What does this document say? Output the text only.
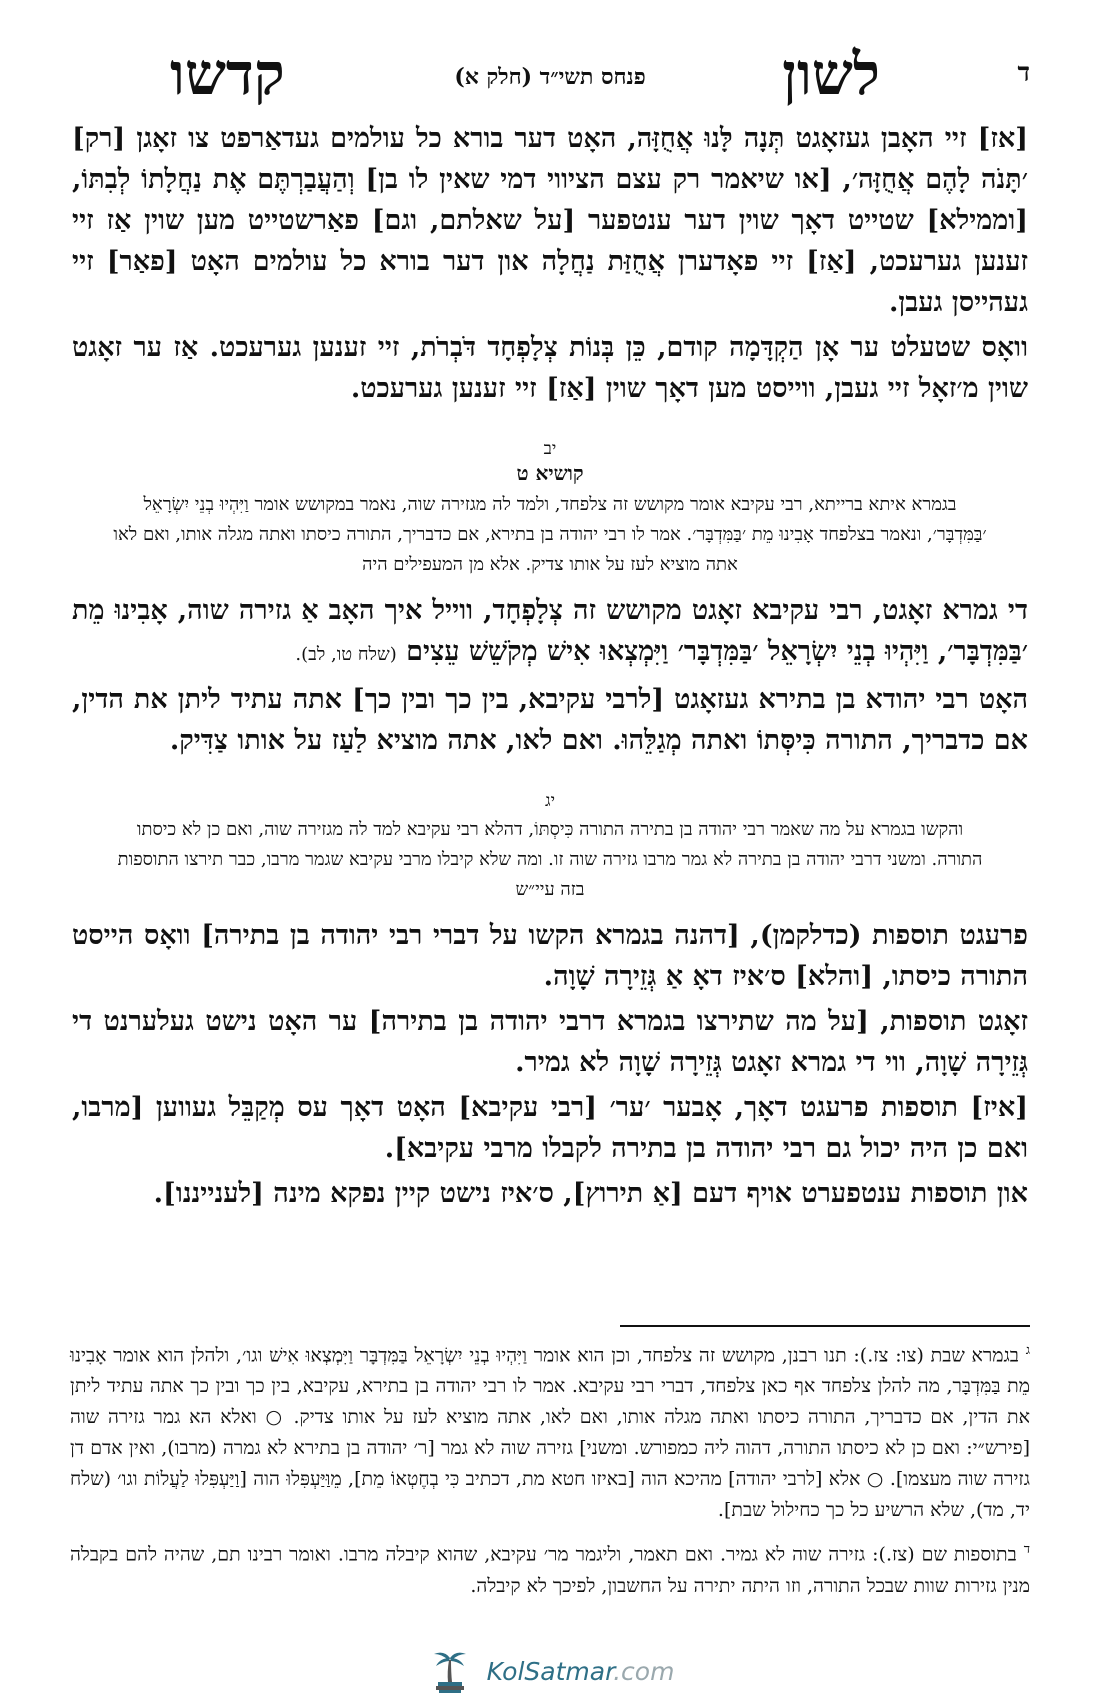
ד
לשון
פנחס תשי״ד (חלק א)
קדשו

[אז] זיי האָבן געזאָגט תְּנָה לָּנוּ אֲחֻזָּה, האָט דער בורא כל עולמים געדאַרפט צו זאָגן [רק] ׳תָּנֹה לָהֶם אֲחֻזָּה׳, [או שיאמר רק עצם הציווי דמי שאין לו בן] וְהַעֲבַרְתֶּם אֶת נַחֲלָתוֹ לְבִתּוֹ, [וממילא] שטייט דאָך שוין דער ענטפער [על שאלתם, וגם] פאַרשטייט מען שוין אַז זיי זענען גערעכט, [אַז] זיי פאָדערן אֲחֻזַּת נַחֲלָה און דער בורא כל עולמים האָט [פאַר] זיי געהייסן געבן.

וואָס שטעלט ער אָן הַקְדָּמָה קודם, כֵּן בְּנוֹת צְלָפְחָד דֹּבְרֹת, זיי זענען גערעכט. אַז ער זאָגט שוין מ׳זאָל זיי געבן, ווייסט מען דאָך שוין [אַז] זיי זענען גערעכט.

יב
קושיא ט
בגמרא איתא ברייתא, רבי עקיבא אומר מקושש זה צלפחד, ולמד לה מגזירה שוה, נאמר במקושש אומר וַיִּהְיוּ בְנֵי יִשְׂרָאֵל ׳בַּמִּדְבָּר׳, ונאמר בצלפחד אָבִינוּ מֵת ׳בַּמִּדְבָּר׳. אמר לו רבי יהודה בן בתירא, אם כדבריך, התורה כיסתו ואתה מגלה אותו, ואם לאו אתה מוציא לעז על אותו צדיק. אלא מן המעפילים היה

די גמרא זאָגט, רבי עקיבא זאָגט מקושש זה צְלָפְחָד, ווייל איך האָב אַ גזירה שוה, אָבִינוּ מֵת ׳בַּמִּדְבָּר׳, וַיִּהְיוּ בְנֵי יִשְׂרָאֵל ׳בַּמִּדְבָּר׳ וַיִּמְצְאוּ אִישׁ מְקֹשֵׁשׁ עֵצִים (שלח טו, לב).

האָט רבי יהודא בן בתירא געזאָגט [לרבי עקיבא, בין כך ובין כך] אתה עתיד ליתן את הדין, אם כדבריך, התורה כִּיסְּתוֹ ואתה מְגַלֵּהוּ. ואם לאו, אתה מוציא לַעַז על אותו צַדִּיק.

יג
והקשו בגמרא על מה שאמר רבי יהודה בן בתירה התורה כִּיסְתּוֹ, דהלא רבי עקיבא למד לה מגזירה שוה, ואם כן לא כיסתו התורה. ומשני דרבי יהודה בן בתירה לא גמר מרבו גזירה שוה זו. ומה שלא קיבלו מרבי עקיבא שגמר מרבו, כבר תירצו התוספות בזה עיי״ש

פרעגט תוספות (כדלקמן), [דהנה בגמרא הקשו על דברי רבי יהודה בן בתירה] וואָס הייסט התורה כיסתו, [והלא] ס׳איז דאָ אַ גְּזֵירָה שָׁוָה.

זאָגט תוספות, [על מה שתירצו בגמרא דרבי יהודה בן בתירה] ער האָט נישט געלערנט די גְּזֵירָה שָׁוָה, ווי די גמרא זאָגט גְּזֵירָה שָׁוָה לא גמיר.

[איז] תוספות פרעגט דאָך, אָבער ׳ער׳ [רבי עקיבא] האָט דאָך עס מְקַבֵּל געווען [מרבו, ואם כן היה יכול גם רבי יהודה בן בתירה לקבלו מרבי עקיבא].

און תוספות ענטפערט אויף דעם [אַ תירוץ], ס׳איז נישט קיין נפקא מינה [לענייננו].

$^ג$ בגמרא שבת (צו: צז.): תנו רבנן, מקושש זה צלפחד, וכן הוא אומר וַיִּהְיוּ בְנֵי יִשְׂרָאֵל בַּמִּדְבָּר וַיִּמְצְאוּ אִישׁ וגו׳, ולהלן הוא אומר אָבִינוּ מֵת בַּמִּדְבָּר, מה להלן צלפחד אף כאן צלפחד, דברי רבי עקיבא. אמר לו רבי יהודה בן בתירא, עקיבא, בין כך ובין כך אתה עתיד ליתן את הדין, אם כדבריך, התורה כיסתו ואתה מגלה אותו, ואם לאו, אתה מוציא לעז על אותו צדיק. ○ ואלא הא גמר גזירה שוה [פירש״י: ואם כן לא כיסתו התורה, דהוה ליה כמפורש. ומשני] גזירה שוה לא גמר [ר׳ יהודה בן בתירא לא גמרה (מרבו), ואין אדם דן גזירה שוה מעצמו]. ○ אלא [לרבי יהודה] מהיכא הוה [באיזו חטא מת, דכתיב כִּי בְחֶטְאוֹ מֵת], מֵוַּיַּעְפִּלוּ הוה [וַיַּעְפִּלוּ לַעֲלוֹת וגו׳ (שלח יד, מד), שלא הרשיע כל כך כחילול שבת].
$^ד$ בתוספות שם (צז.): גזירה שוה לא גמיר. ואם תאמר, וליגמר מר׳ עקיבא, שהוא קיבלה מרבו. ואומר רבינו תם, שהיה להם בקבלה מנין גזירות שוות שבכל התורה, וזו היתה יתירה על החשבון, לפיכך לא קיבלה.
KolSatmar.com
